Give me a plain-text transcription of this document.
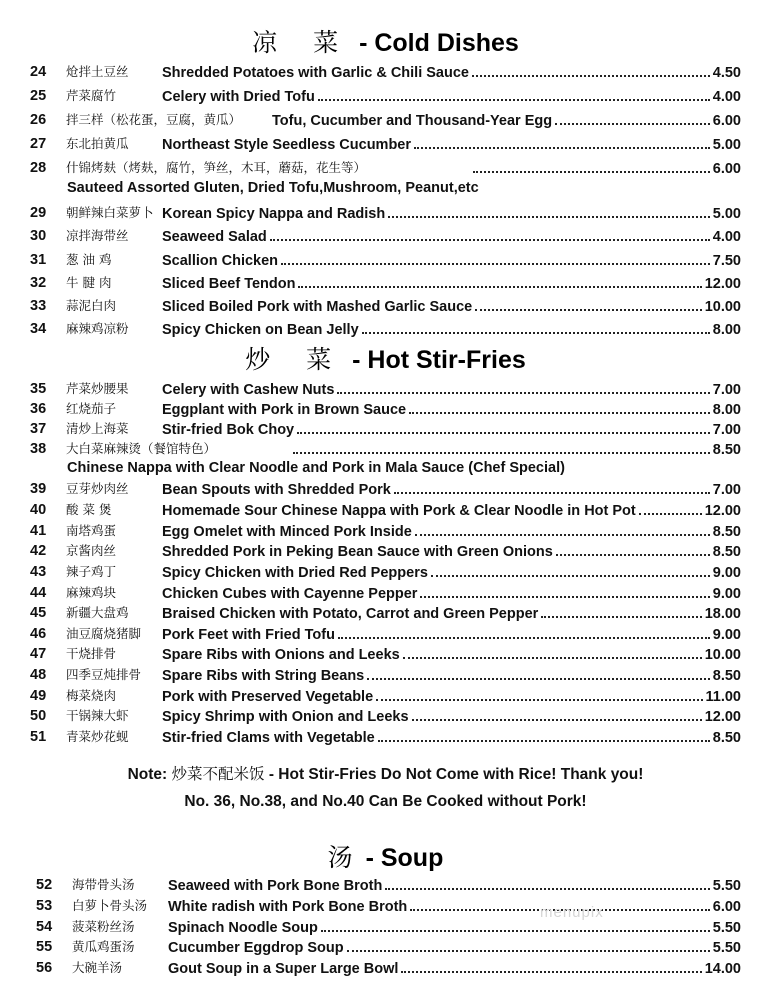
凉 菜 - Cold Dishes
24	炝拌土豆丝	Shredded Potatoes with Garlic & Chili Sauce	4.50
25	芹菜腐竹	Celery with Dried Tofu	4.00
26	拌三样（松花蛋，豆腐，黄瓜）	Tofu, Cucumber and Thousand-Year Egg	6.00
27	东北拍黄瓜	Northeast Style Seedless Cucumber	5.00
28	什锦烤麸（烤麸，腐竹，笋丝，木耳，蘑菇，花生等）	6.00
Sauteed Assorted Gluten, Dried Tofu,Mushroom, Peanut,etc
29	朝鲜辣白菜萝卜 Korean Spicy Nappa and Radish	5.00
30	凉拌海带丝	Seaweed Salad	4.00
31	葱 油 鸡	Scallion Chicken	7.50
32	牛 腱 肉	Sliced Beef Tendon	12.00
33	蒜泥白肉	Sliced Boiled Pork with Mashed Garlic Sauce	10.00
34	麻辣鸡凉粉	Spicy Chicken on Bean Jelly	8.00
炒 菜 - Hot Stir-Fries
35	芹菜炒腰果	Celery with Cashew Nuts	7.00
36	红烧茄子	Eggplant with Pork in Brown Sauce	8.00
37	清炒上海菜	Stir-fried Bok Choy	7.00
38	大白菜麻辣烫（餐馆特色）	8.50
Chinese Nappa with Clear Noodle and Pork in Mala Sauce (Chef Special)
39	豆芽炒肉丝	Bean Spouts with Shredded Pork	7.00
40	酸 菜 煲	Homemade Sour Chinese Nappa with Pork & Clear Noodle in Hot Pot	12.00
41	南塔鸡蛋	Egg Omelet with Minced Pork Inside	8.50
42	京酱肉丝	Shredded Pork in Peking Bean Sauce with Green Onions	8.50
43	辣子鸡丁	Spicy Chicken with Dried Red Peppers	9.00
44	麻辣鸡块	Chicken Cubes with Cayenne Pepper	9.00
45	新疆大盘鸡	Braised Chicken with Potato, Carrot and Green Pepper	18.00
46	油豆腐烧猪脚	Pork Feet with Fried Tofu	9.00
47	干烧排骨	Spare Ribs with Onions and Leeks	10.00
48	四季豆炖排骨	Spare Ribs with String Beans	8.50
49	梅菜烧肉	Pork with Preserved Vegetable	11.00
50	干锅辣大虾	Spicy Shrimp with Onion and Leeks	12.00
51	青菜炒花蚬	Stir-fried Clams with Vegetable	8.50
Note: 炒菜不配米饭 - Hot Stir-Fries Do Not Come with Rice! Thank you!
No. 36, No.38, and No.40 Can Be Cooked without Pork!
汤 - Soup
52	海带骨头汤	Seaweed with Pork Bone Broth	5.50
53	白萝卜骨头汤	White radish with Pork Bone Broth	6.00
54	菠菜粉丝汤	Spinach Noodle Soup	5.50
55	黄瓜鸡蛋汤	Cucumber Eggdrop Soup	5.50
56	大碗羊汤	Gout Soup in a Super Large Bowl	14.00
menupix
